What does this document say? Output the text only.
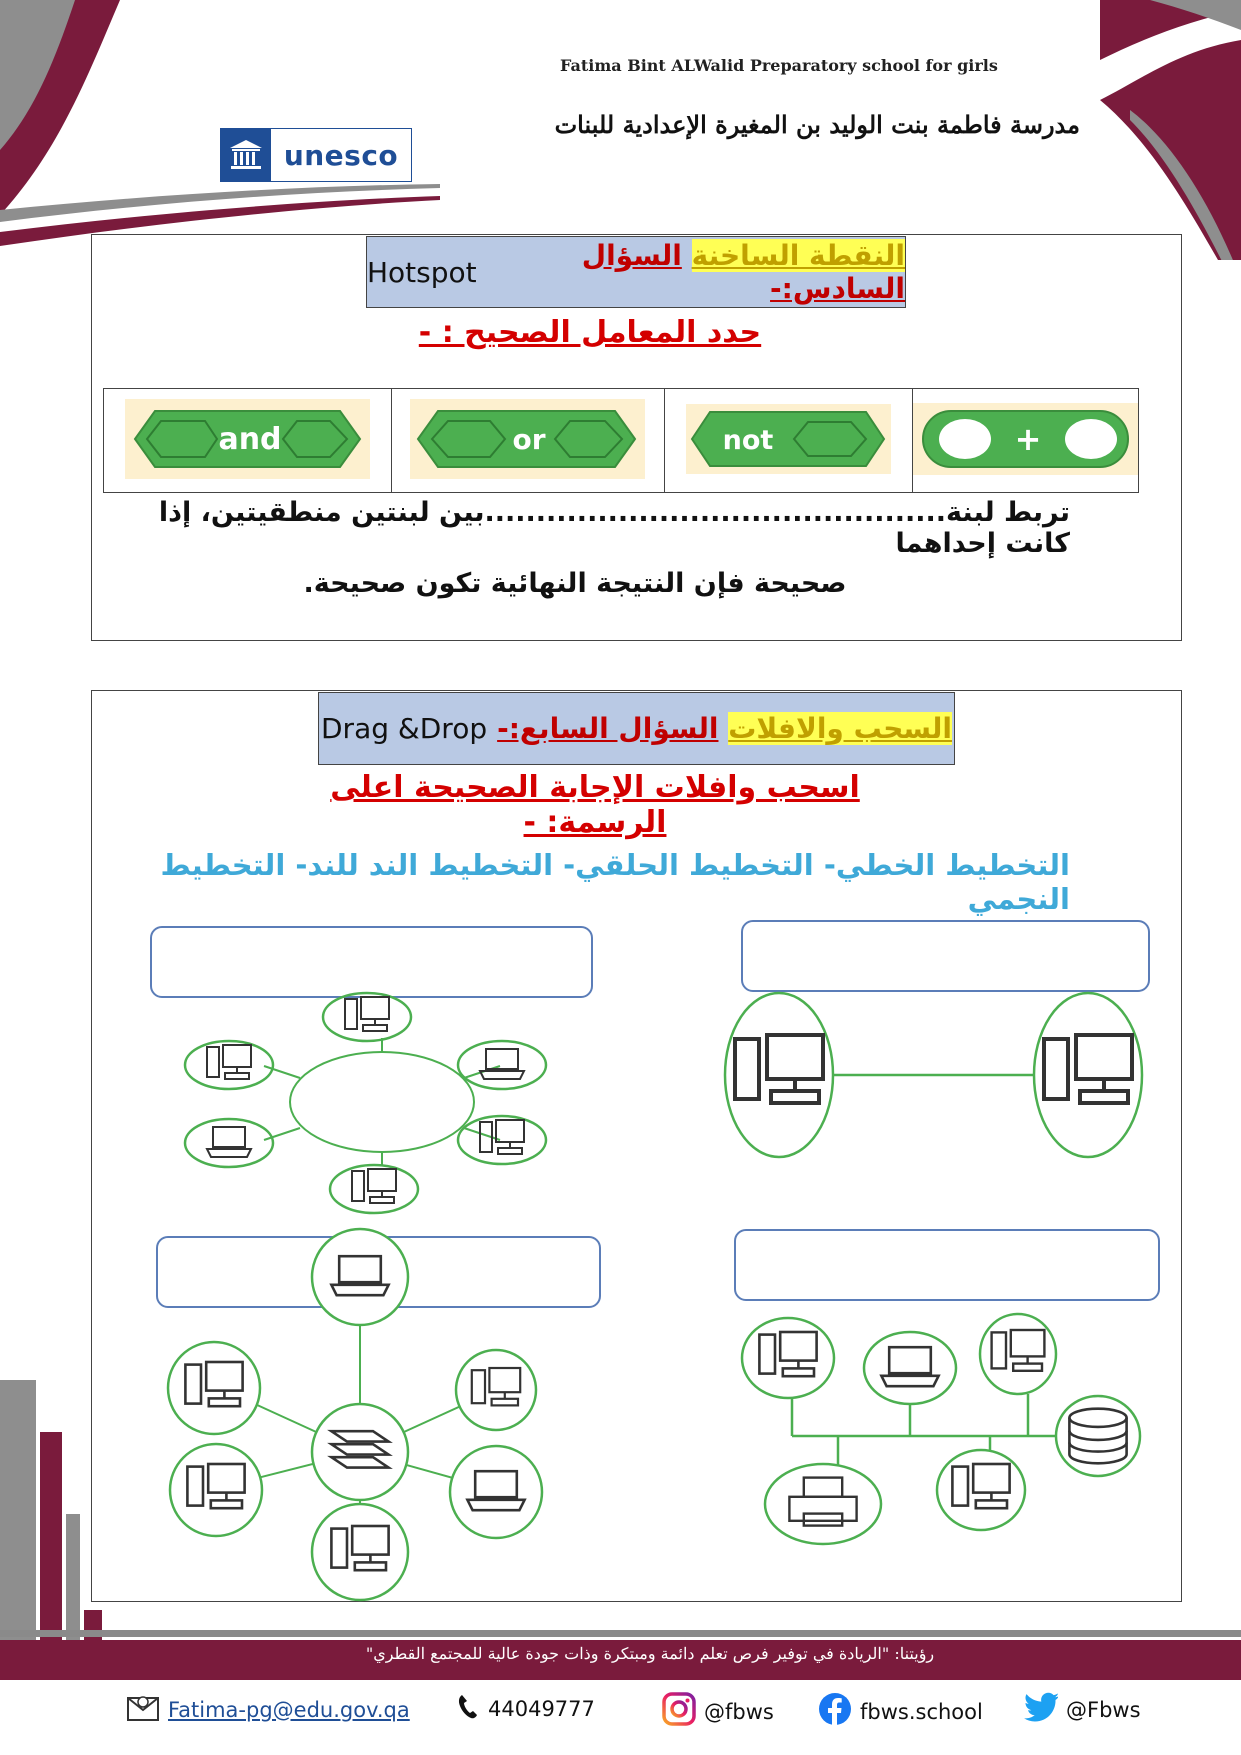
Fatima Bint ALWalid Preparatory school for girls
مدرسة فاطمة بنت الوليد بن المغيرة الإعدادية للبنات
unesco
Hotspot	النقطة الساخنة السؤال السادس:-
حدد المعامل الصحيح : -
and	or	not	+
تربط لبنة.............................................بين لبنتين منطقيتين، إذا كانت إحداهما
صحيحة فإن النتيجة النهائية تكون صحيحة.
Drag &Drop	السحب والافلات السؤال السابع:-
اسحب وافلات الإجابة الصحيحة اعلى الرسمة: -
التخطيط الخطي- التخطيط الحلقي- التخطيط الند للند- التخطيط النجمي
رؤيتنا: "الريادة في توفير فرص تعلم دائمة ومبتكرة وذات جودة عالية للمجتمع القطري"
Fatima-pg@edu.gov.qa	44049777	@fbws	fbws.school	@Fbws
